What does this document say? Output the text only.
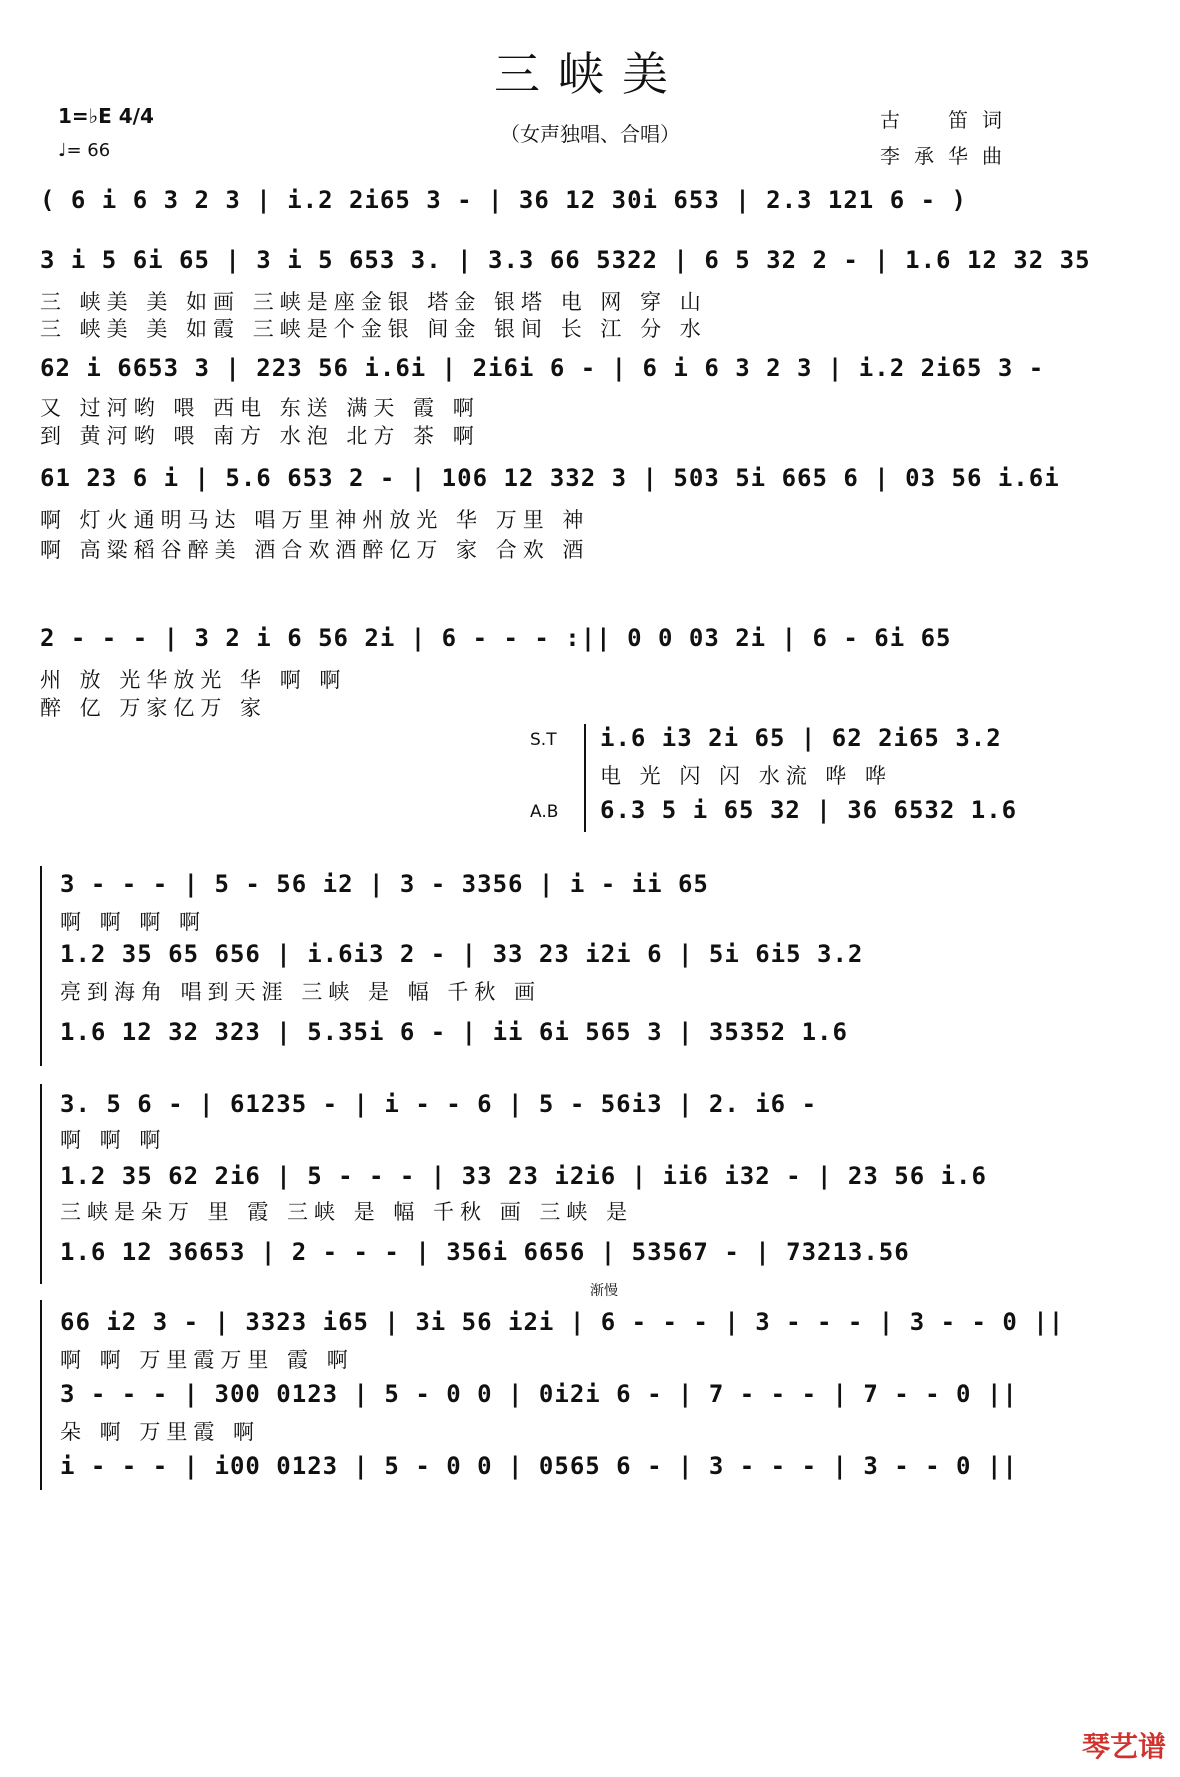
三峡美
（女声独唱、合唱）
1=♭E 4/4
♩= 66
古　笛词
李承华曲
( 6 i 6 3 2 3 | i.2 2i65 3 - | 36 12 30i 653 | 2.3 121 6 - )
3 i 5 6i 65 | 3 i 5 653 3. | 3.3 66 5322 | 6 5 32 2 - | 1.6 12 32 35
三 峡美 美 如画 三峡是座金银 塔金 银塔 电 网 穿 山
三 峡美 美 如霞 三峡是个金银 间金 银间 长 江 分 水
62 i 6653 3 | 223 56 i.6i | 2i6i 6 - | 6 i 6 3 2 3 | i.2 2i65 3 -
又 过河哟 喂 西电 东送 满天 霞 啊
到 黄河哟 喂 南方 水泡 北方 茶 啊
61 23 6 i | 5.6 653 2 - | 106 12 332 3 | 503 5i 665 6 | 03 56 i.6i
啊 灯火通明马达 唱万里神州放光 华 万里 神
啊 高粱稻谷醉美 酒合欢酒醉亿万 家 合欢 酒
2 - - - | 3 2 i 6 56 2i | 6 - - - :|| 0 0 03 2i | 6 - 6i 65
州 放 光华放光 华 啊 啊
醉 亿 万家亿万 家
S.T i.6 i3 2i 65 | 62 2i65 3.2
电 光 闪 闪 水流 哗 哗
A.B 6.3 5 i 65 32 | 36 6532 1.6
3 - - - | 5 - 56 i2 | 3 - 3356 | i - ii 65
啊 啊 啊 啊
1.2 35 65 656 | i.6i3 2 - | 33 23 i2i 6 | 5i 6i5 3.2
亮到海角 唱到天涯 三峡 是 幅 千秋 画
1.6 12 32 323 | 5.35i 6 - | ii 6i 565 3 | 35352 1.6
3. 5 6 - | 61235 - | i - - 6 | 5 - 56i3 | 2. i6 -
啊 啊 啊
1.2 35 62 2i6 | 5 - - - | 33 23 i2i6 | ii6 i32 - | 23 56 i.6
三峡是朵万 里 霞 三峡 是 幅 千秋 画 三峡 是
1.6 12 36653 | 2 - - - | 356i 6656 | 53567 - | 73213.56
渐慢
66 i2 3 - | 3323 i65 | 3i 56 i2i | 6 - - - | 3 - - - | 3 - - 0 ||
啊 啊 万里霞万里 霞 啊
3 - - - | 300 0123 | 5 - 0 0 | 0i2i 6 - | 7 - - - | 7 - - 0 ||
朵 啊 万里霞 啊
i - - - | i00 0123 | 5 - 0 0 | 0565 6 - | 3 - - - | 3 - - 0 ||
琴艺谱
